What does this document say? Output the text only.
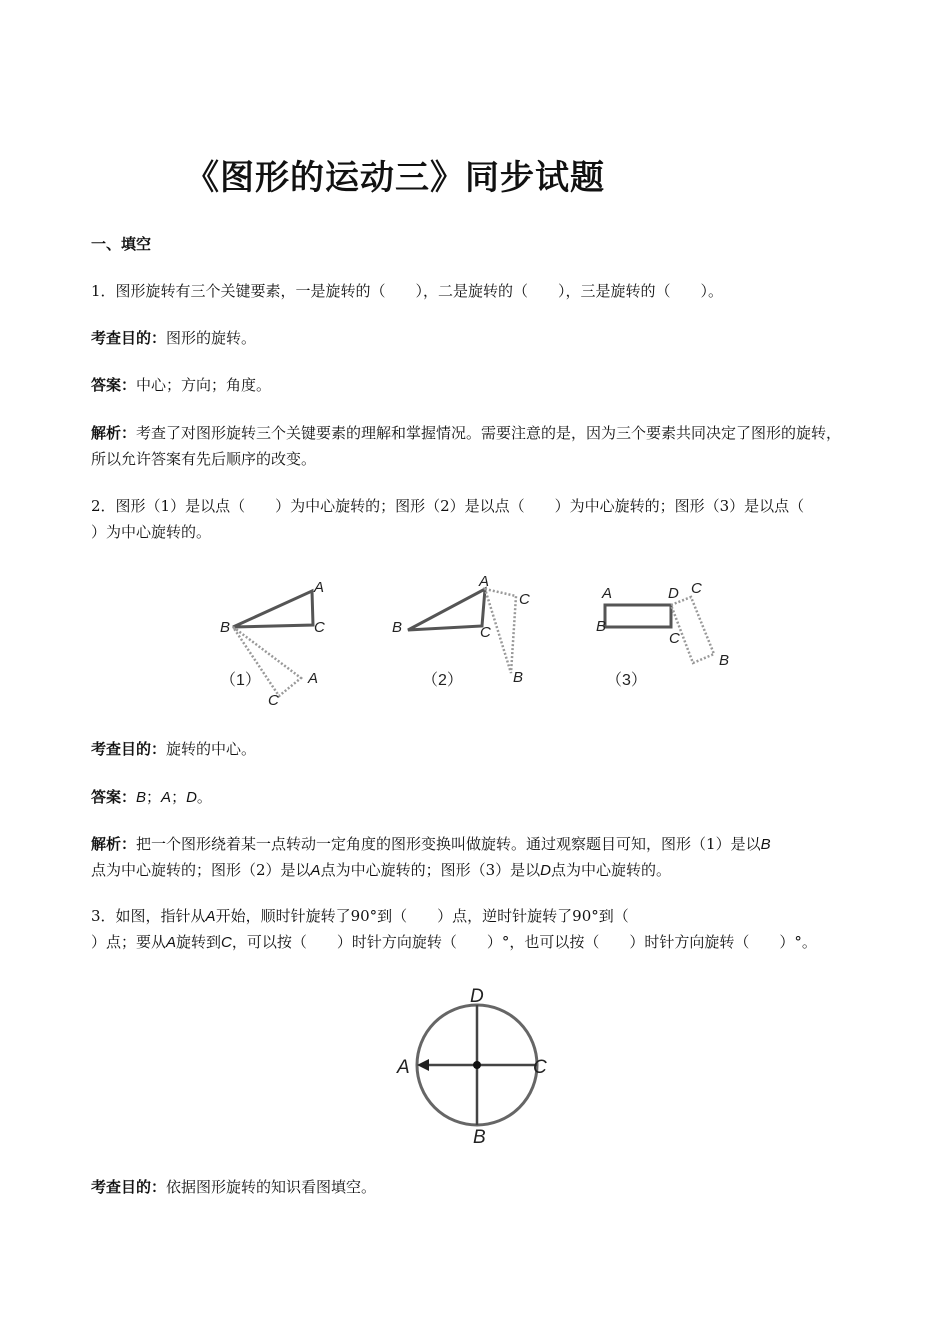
《图形的运动三》同步试题
一、填空
1．图形旋转有三个关键要素，一是旋转的（　　），二是旋转的（　　），三是旋转的（　　）。
考查目的：图形的旋转。
答案：中心；方向；角度。
解析：考查了对图形旋转三个关键要素的理解和掌握情况。需要注意的是，因为三个要素共同决定了图形的旋转，所以允许答案有先后顺序的改变。
2．图形（1）是以点（　　）为中心旋转的；图形（2）是以点（　　）为中心旋转的；图形（3）是以点（
）为中心旋转的。
A
B	C
A
C
（1）
A
B	C
C
B
（2）
A
B
D
C
C
B
（3）
考查目的：旋转的中心。
答案：B；A；D。
解析：把一个图形绕着某一点转动一定角度的图形变换叫做旋转。通过观察题目可知，图形（1）是以B
点为中心旋转的；图形（2）是以A点为中心旋转的；图形（3）是以D点为中心旋转的。
3．如图，指针从A开始，顺时针旋转了90°到（　　）点，逆时针旋转了90°到（
）点；要从A旋转到C，可以按（　　）时针方向旋转（　　）°，也可以按（　　）时针方向旋转（　　）°。
D
A	C
B
考查目的：依据图形旋转的知识看图填空。
